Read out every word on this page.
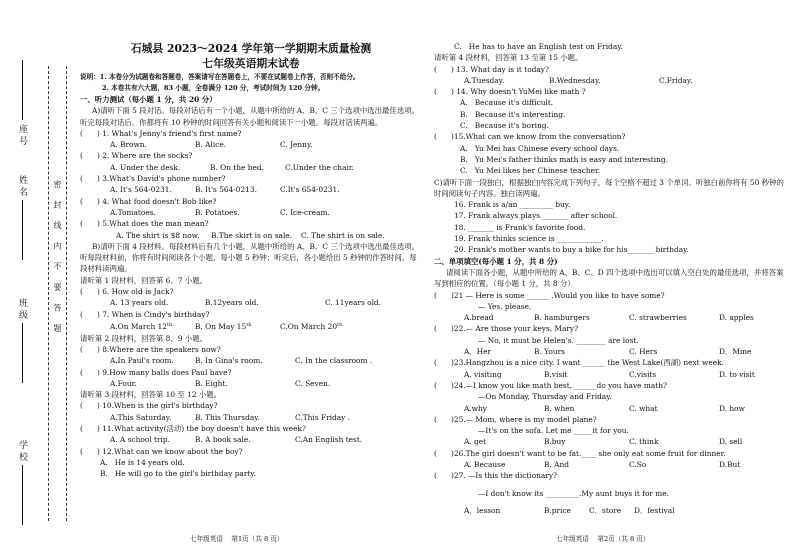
学 校
班 级
姓 名
座 号
密 封 线 内 不 要 答 题
石城县 2023～2024 学年第一学期期末质量检测
七年级英语期末试卷
说明：1. 本卷分为试题卷和答题卷，答案请写在答题卷上，不要在试题卷上作答，否则不给分。
2. 本卷共有六大题，83 小题，全卷满分 120 分，考试时间为 120 分钟。
一、听力测试（每小题 1 分，共 20 分）
A)请听下面 5 段对话。每段对话后有一个小题，从题中所给的 A、B、C 三个选项中选出最佳选项。听完每段对话后，你都将有 10 秒钟的时间回答有关小题和阅读下一小题。每段对话读两遍。
(      ) 1. What's Jenny's friend's first name?
A. Brown.	B. Alice.	C. Jenny.
(      ) 2. Where are the socks?
A. Under the desk.	B. On the bed.	C.Under the chair.
(      ) 3.What's David's phone number?
A. It's 564-0231.	B. It's 564-0213.	C.It's 654-0231.
(      ) 4. What food doesn't Bob like?
A.Tomatoes.	B. Potatoes.	C. Ice-cream.
(      ) 5.What does the man mean?
A. The shirt is $8 now.	B.The skirt is on sale.	C. The shirt is on sale.
B)请听下面 4 段材料。每段材料后有几个小题，从题中所给的 A、B、C 三个选项中选出最佳选项。听每段材料前，你将有时间阅读各个小题，每小题 5 秒钟；听完后，各小题给出 5 秒钟的作答时间。每段材料读两遍。
请听第 1 段材料，回答第 6、7 小题。
(      ) 6. How old is Jack?
A. 13 years old.	B.12years old.	C. 11years old.
(      ) 7. When is Cindy's birthday?
A.On March $12^{th.}$	B. On May 15th	C.On March $20^{th.}$
请听第 2 段材料，回答第 8、9 小题。
(      ) 8.Where are the speakers now?
A.In Paul's room.	B. In Gina's room.	C. In the classroom .
(      ) 9.How many balls does Paul have?
A.Four.	B. Eight.	C. Seven.
请听第 3 段材料，回答第 10 至 12 小题。
(      ) 10.When is the girl's birthday?
A.This Saturday.	B. This Thursday.	C.This Friday .
(      ) 11.What activity(活动) the boy doesn't have this week?
A. A school trip.	B. A book sale.	C.An English test.
(      ) 12.What can we know about the boy?
A.   He is 14 years old.
B.   He will go to the girl's birthday party.
C.   He has to have an English test on Friday.
请听第 4 段材料，回答第 13 至第 15 小题。
(      ) 13. What day is it today?
A.Tuesday.	B.Wednesday.	C.Friday.
(      ) 14. Why doesn't YuMei like math ?
A.   Because it's difficult.
B.   Because it's interesting.
C.   Because it's boring.
(      )15.What can we know from the conversation?
A.   Yu Mei has Chinese every school days.
B.   Yu Mei's father thinks math is easy and interesting.
C.   Yu Mei likes her Chinese teacher.
C)请听下面一段独白，根据独白内容完成下列句子，每个空格不超过 3 个单词。听独白前你将有 50 秒钟的时间阅读句子内容。独白读两遍。
16. Frank is a/an _________ buy.
17. Frank always plays _______ after school.
18. _______ is Frank's favorite food.
19. Frank thinks science is ____________.
20. Frank's mother wants to buy a bike for his_______ birthday.
二、单项填空(每小题 1 分，共 8 分)
请阅读下面各小题，从题中所给的 A、B、C、D 四个选项中选出可以填入空白处的最佳选项，并将答案写到相应的位置。（每小题 1 分，共 8 分）
(      )21 — Here is some ______ .Would you like to have some?
— Yes, please.
A.bread	B. hamburgers	C. strawberries	D. apples
(      )22.— Are those your keys, Mary?
— No, it must be Helen's. ________ are lost.
A．Her	B. Yours	C. Hers	D．Mine
(      )23.Hangzhou is a nice city. I want ______ the West Lake(西湖) next week.
A. visiting	B.visit	C.visits	D. to visit
(      )24.—I know you like math best, ______do you have math?
—On Monday, Thursday and Friday.
A.why	B. when	C. what	D. how
(      )25.— Mom, where is my model plane?
—It's on the sofa. Let me _____it for you.
A. get	B.buy	C. think	D. sell
(      )26.The girl doesn't want to be fat.____ she only eat some fruit for dinner.
A. Because	B. And	C.So	D.But
(      )27. —Is this the dictionary?
—I don't know its _________.My aunt buys it for me.
A．lesson	B.price	C．store	D．festival
七年级英语    第1页（共 8 页）	七年级英语    第2页（共 8 页）
